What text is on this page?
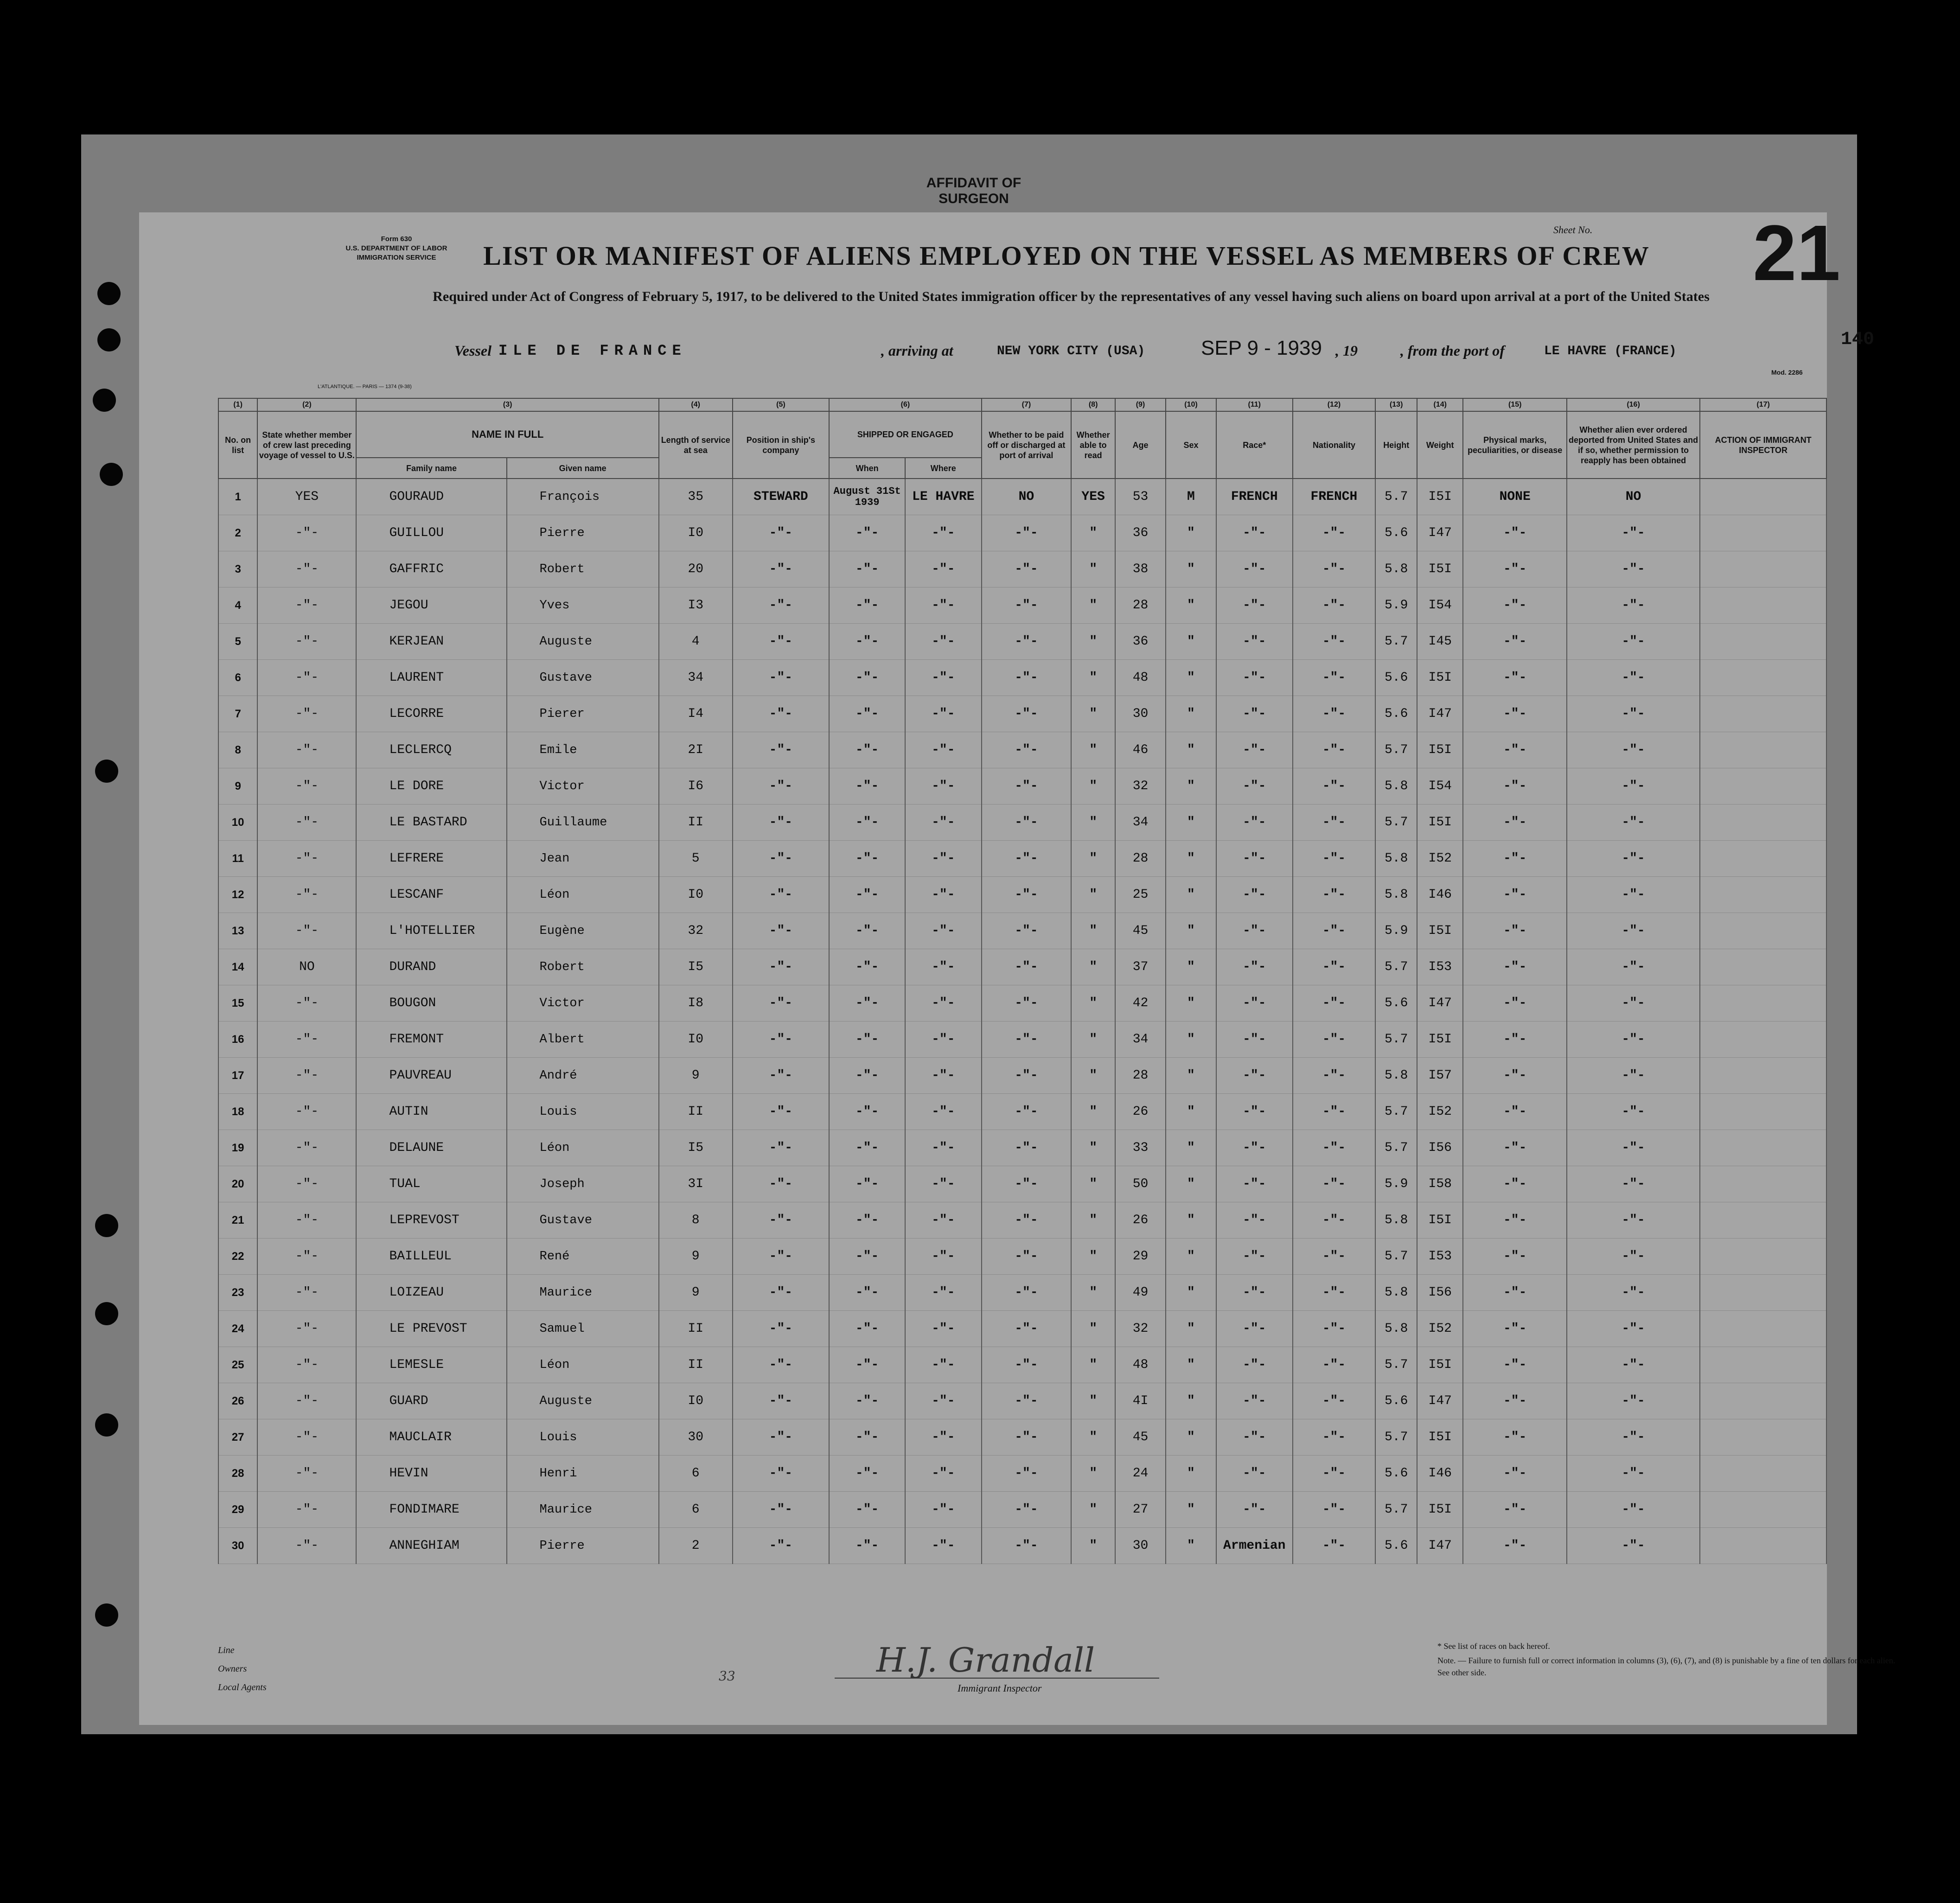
AFFIDAVIT OF SURGEON
Form 630
U.S. DEPARTMENT OF LABOR
IMMIGRATION SERVICE
Sheet No. 21
LIST OR MANIFEST OF ALIENS EMPLOYED ON THE VESSEL AS MEMBERS OF CREW
Required under Act of Congress of February 5, 1917, to be delivered to the United States immigration officer by the representatives of any vessel having such aliens on board upon arrival at a port of the United States
Vessel ILE DE FRANCE	, arriving at	NEW YORK CITY (USA)	SEP 9 - 1939 , 19	, from the port of	LE HAVRE (FRANCE)
140
L'ATLANTIQUE. — PARIS — 1374 (9-38)
Mod. 2286
(1)	(2)	(3)		(4)	(5)	(6)		(7)	(8)	(9)	(10)	(11)	(12)	(13)	(14)	(15)	(16)	(17)
No. on list	State whether member of crew last preceding voyage of vessel to U.S.	NAME IN FULL		Length of service at sea	Position in ship's company	SHIPPED OR ENGAGED		Whether to be paid off or discharged at port of arrival	Whether able to read	Age	Sex	Race*	Nationality	Height	Weight	Physical marks, peculiarities, or disease	Whether alien ever ordered deported from United States and if so, whether permission to reapply has been obtained	ACTION OF IMMIGRANT INSPECTOR
		Family name	Given name			When	Where											
1	YES	GOURAUD	François	35	STEWARD	August 31St 1939	LE HAVRE	NO	YES	53	M	FRENCH	FRENCH	5.7	I5I	NONE	NO	
2	-"-	GUILLOU	Pierre	I0	-"-	-"-	-"-	-"-	"	36	"	-"-	-"-	5.6	I47	-"-	-"-	
3	-"-	GAFFRIC	Robert	20	-"-	-"-	-"-	-"-	"	38	"	-"-	-"-	5.8	I5I	-"-	-"-	
4	-"-	JEGOU	Yves	I3	-"-	-"-	-"-	-"-	"	28	"	-"-	-"-	5.9	I54	-"-	-"-	
5	-"-	KERJEAN	Auguste	4	-"-	-"-	-"-	-"-	"	36	"	-"-	-"-	5.7	I45	-"-	-"-	
6	-"-	LAURENT	Gustave	34	-"-	-"-	-"-	-"-	"	48	"	-"-	-"-	5.6	I5I	-"-	-"-	
7	-"-	LECORRE	Pierer	I4	-"-	-"-	-"-	-"-	"	30	"	-"-	-"-	5.6	I47	-"-	-"-	
8	-"-	LECLERCQ	Emile	2I	-"-	-"-	-"-	-"-	"	46	"	-"-	-"-	5.7	I5I	-"-	-"-	
9	-"-	LE DORE	Victor	I6	-"-	-"-	-"-	-"-	"	32	"	-"-	-"-	5.8	I54	-"-	-"-	
10	-"-	LE BASTARD	Guillaume	II	-"-	-"-	-"-	-"-	"	34	"	-"-	-"-	5.7	I5I	-"-	-"-	
11	-"-	LEFRERE	Jean	5	-"-	-"-	-"-	-"-	"	28	"	-"-	-"-	5.8	I52	-"-	-"-	
12	-"-	LESCANF	Léon	I0	-"-	-"-	-"-	-"-	"	25	"	-"-	-"-	5.8	I46	-"-	-"-	
13	-"-	L'HOTELLIER	Eugène	32	-"-	-"-	-"-	-"-	"	45	"	-"-	-"-	5.9	I5I	-"-	-"-	
14	NO	DURAND	Robert	I5	-"-	-"-	-"-	-"-	"	37	"	-"-	-"-	5.7	I53	-"-	-"-	
15	-"-	BOUGON	Victor	I8	-"-	-"-	-"-	-"-	"	42	"	-"-	-"-	5.6	I47	-"-	-"-	
16	-"-	FREMONT	Albert	I0	-"-	-"-	-"-	-"-	"	34	"	-"-	-"-	5.7	I5I	-"-	-"-	
17	-"-	PAUVREAU	André	9	-"-	-"-	-"-	-"-	"	28	"	-"-	-"-	5.8	I57	-"-	-"-	
18	-"-	AUTIN	Louis	II	-"-	-"-	-"-	-"-	"	26	"	-"-	-"-	5.7	I52	-"-	-"-	
19	-"-	DELAUNE	Léon	I5	-"-	-"-	-"-	-"-	"	33	"	-"-	-"-	5.7	I56	-"-	-"-	
20	-"-	TUAL	Joseph	3I	-"-	-"-	-"-	-"-	"	50	"	-"-	-"-	5.9	I58	-"-	-"-	
21	-"-	LEPREVOST	Gustave	8	-"-	-"-	-"-	-"-	"	26	"	-"-	-"-	5.8	I5I	-"-	-"-	
22	-"-	BAILLEUL	René	9	-"-	-"-	-"-	-"-	"	29	"	-"-	-"-	5.7	I53	-"-	-"-	
23	-"-	LOIZEAU	Maurice	9	-"-	-"-	-"-	-"-	"	49	"	-"-	-"-	5.8	I56	-"-	-"-	
24	-"-	LE PREVOST	Samuel	II	-"-	-"-	-"-	-"-	"	32	"	-"-	-"-	5.8	I52	-"-	-"-	
25	-"-	LEMESLE	Léon	II	-"-	-"-	-"-	-"-	"	48	"	-"-	-"-	5.7	I5I	-"-	-"-	
26	-"-	GUARD	Auguste	I0	-"-	-"-	-"-	-"-	"	4I	"	-"-	-"-	5.6	I47	-"-	-"-	
27	-"-	MAUCLAIR	Louis	30	-"-	-"-	-"-	-"-	"	45	"	-"-	-"-	5.7	I5I	-"-	-"-	
28	-"-	HEVIN	Henri	6	-"-	-"-	-"-	-"-	"	24	"	-"-	-"-	5.6	I46	-"-	-"-	
29	-"-	FONDIMARE	Maurice	6	-"-	-"-	-"-	-"-	"	27	"	-"-	-"-	5.7	I5I	-"-	-"-	
30	-"-	ANNEGHIAM	Pierre	2	-"-	-"-	-"-	-"-	"	30	"	Armenian	-"-	5.6	I47	-"-	-"-	
Line
Owners
Local Agents
33	H.J. Grandall
Immigrant Inspector
* See list of races on back hereof.
Note. — Failure to furnish full or correct information in columns (3), (6), (7), and (8) is punishable by a fine of ten dollars for each alien. See other side.
